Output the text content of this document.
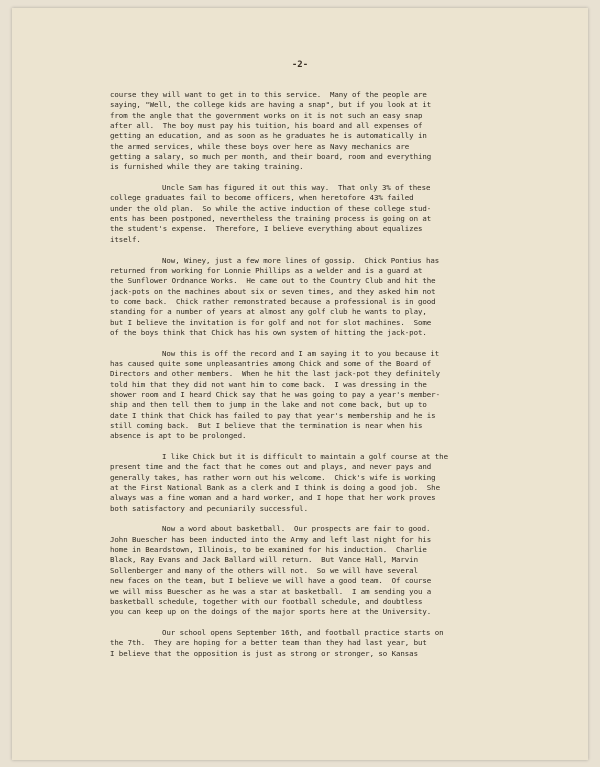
-2-
course they will want to get in to this service.  Many of the people are
saying, "Well, the college kids are having a snap", but if you look at it
from the angle that the government works on it is not such an easy snap
after all.  The boy must pay his tuition, his board and all expenses of
getting an education, and as soon as he graduates he is automatically in
the armed services, while these boys over here as Navy mechanics are
getting a salary, so much per month, and their board, room and everything
is furnished while they are taking training.
Uncle Sam has figured it out this way.  That only 3% of these
college graduates fail to become officers, when heretofore 43% failed
under the old plan.  So while the active induction of these college stud-
ents has been postponed, nevertheless the training process is going on at
the student's expense.  Therefore, I believe everything about equalizes
itself.
Now, Winey, just a few more lines of gossip.  Chick Pontius has
returned from working for Lonnie Phillips as a welder and is a guard at
the Sunflower Ordnance Works.  He came out to the Country Club and hit the
jack-pots on the machines about six or seven times, and they asked him not
to come back.  Chick rather remonstrated because a professional is in good
standing for a number of years at almost any golf club he wants to play,
but I believe the invitation is for golf and not for slot machines.  Some
of the boys think that Chick has his own system of hitting the jack-pot.
Now this is off the record and I am saying it to you because it
has caused quite some unpleasantries among Chick and some of the Board of
Directors and other members.  When he hit the last jack-pot they definitely
told him that they did not want him to come back.  I was dressing in the
shower room and I heard Chick say that he was going to pay a year's member-
ship and then tell them to jump in the lake and not come back, but up to
date I think that Chick has failed to pay that year's membership and he is
still coming back.  But I believe that the termination is near when his
absence is apt to be prolonged.
I like Chick but it is difficult to maintain a golf course at the
present time and the fact that he comes out and plays, and never pays and
generally takes, has rather worn out his welcome.  Chick's wife is working
at the First National Bank as a clerk and I think is doing a good job.  She
always was a fine woman and a hard worker, and I hope that her work proves
both satisfactory and pecuniarily successful.
Now a word about basketball.  Our prospects are fair to good.
John Buescher has been inducted into the Army and left last night for his
home in Beardstown, Illinois, to be examined for his induction.  Charlie
Black, Ray Evans and Jack Ballard will return.  But Vance Hall, Marvin
Sollenberger and many of the others will not.  So we will have several
new faces on the team, but I believe we will have a good team.  Of course
we will miss Buescher as he was a star at basketball.  I am sending you a
basketball schedule, together with our football schedule, and doubtless
you can keep up on the doings of the major sports here at the University.
Our school opens September 16th, and football practice starts on
the 7th.  They are hoping for a better team than they had last year, but
I believe that the opposition is just as strong or stronger, so Kansas
